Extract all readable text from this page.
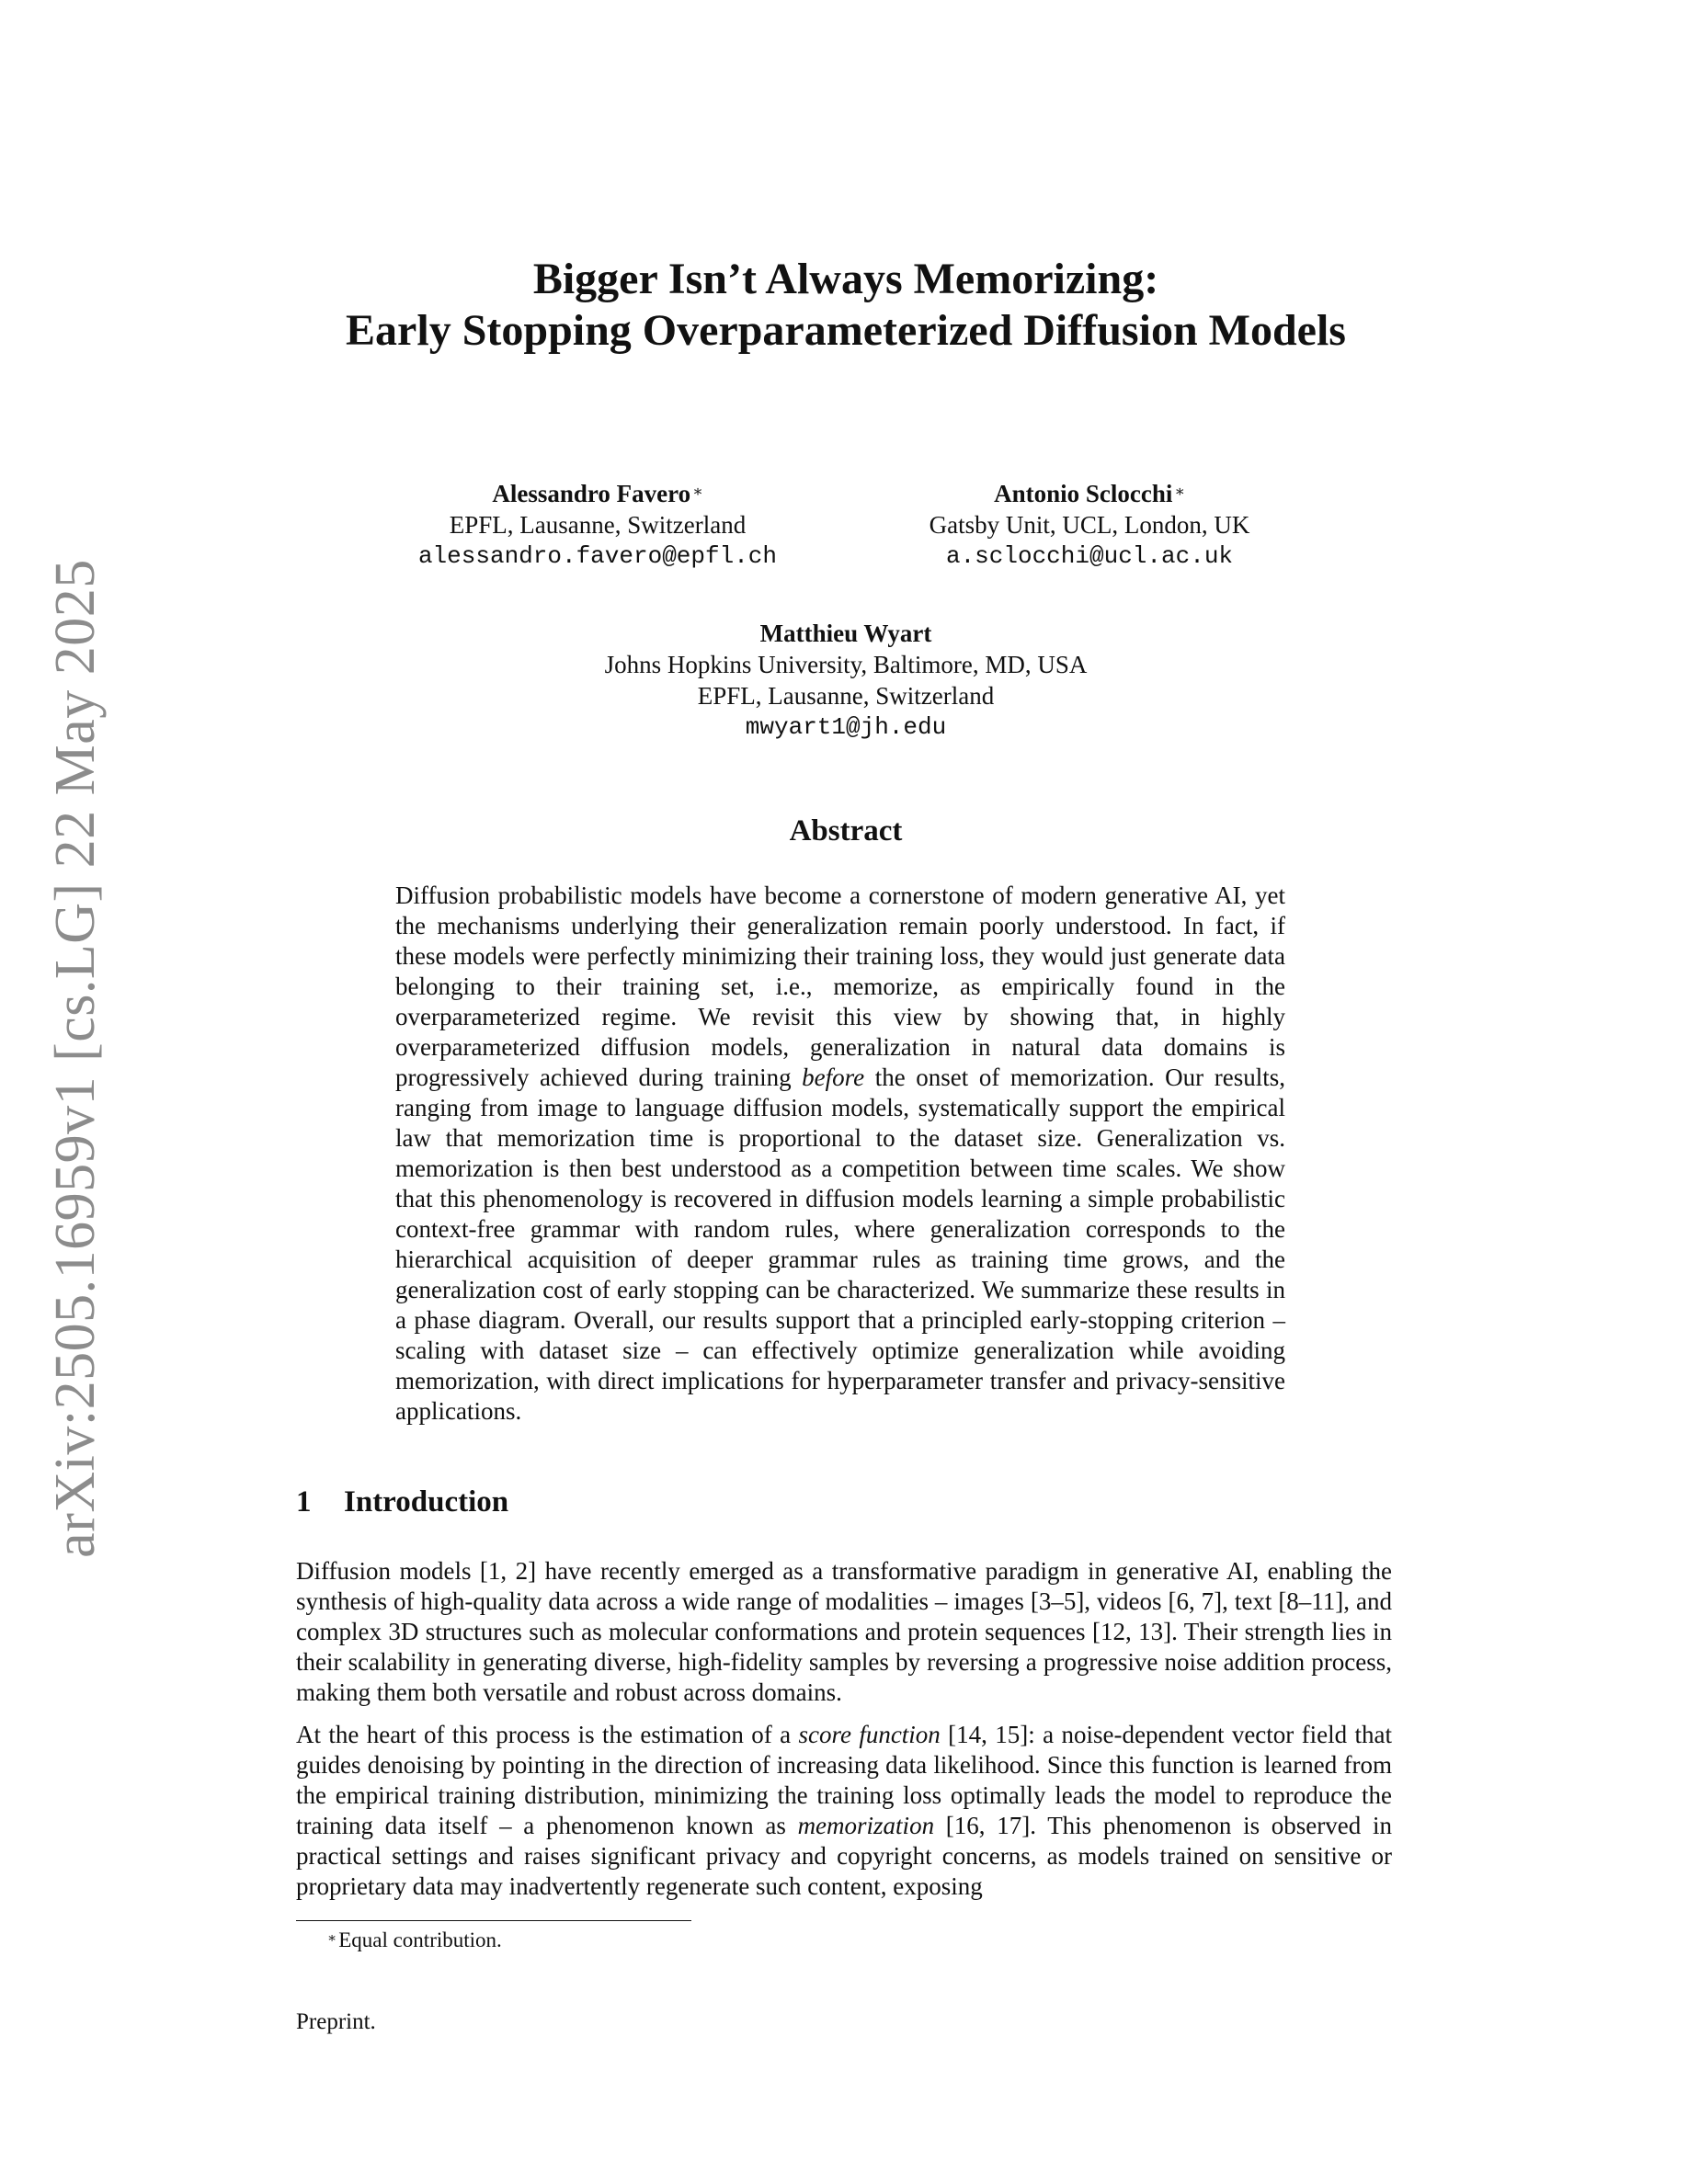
arXiv:2505.16959v1 [cs.LG] 22 May 2025
Bigger Isn’t Always Memorizing:
Early Stopping Overparameterized Diffusion Models
Alessandro Favero ∗
EPFL, Lausanne, Switzerland
alessandro.favero@epfl.ch
Antonio Sclocchi ∗
Gatsby Unit, UCL, London, UK
a.sclocchi@ucl.ac.uk
Matthieu Wyart
Johns Hopkins University, Baltimore, MD, USA
EPFL, Lausanne, Switzerland
mwyart1@jh.edu
Abstract
Diffusion probabilistic models have become a cornerstone of modern generative AI, yet the mechanisms underlying their generalization remain poorly understood. In fact, if these models were perfectly minimizing their training loss, they would just generate data belonging to their training set, i.e., memorize, as empirically found in the overparameterized regime. We revisit this view by showing that, in highly overparameterized diffusion models, generalization in natural data domains is progressively achieved during training before the onset of memorization. Our results, ranging from image to language diffusion models, systematically support the empirical law that memorization time is proportional to the dataset size. Generalization vs. memorization is then best understood as a competition between time scales. We show that this phenomenology is recovered in diffusion models learning a simple probabilistic context-free grammar with random rules, where generalization corresponds to the hierarchical acquisition of deeper grammar rules as training time grows, and the generalization cost of early stopping can be characterized. We summarize these results in a phase diagram. Overall, our results support that a principled early-stopping criterion – scaling with dataset size – can effectively optimize generalization while avoiding memorization, with direct implications for hyperparameter transfer and privacy-sensitive applications.
1 Introduction
Diffusion models [1, 2] have recently emerged as a transformative paradigm in generative AI, enabling the synthesis of high-quality data across a wide range of modalities – images [3–5], videos [6, 7], text [8–11], and complex 3D structures such as molecular conformations and protein sequences [12, 13]. Their strength lies in their scalability in generating diverse, high-fidelity samples by reversing a progressive noise addition process, making them both versatile and robust across domains.
At the heart of this process is the estimation of a score function [14, 15]: a noise-dependent vector field that guides denoising by pointing in the direction of increasing data likelihood. Since this function is learned from the empirical training distribution, minimizing the training loss optimally leads the model to reproduce the training data itself – a phenomenon known as memorization [16, 17]. This phenomenon is observed in practical settings and raises significant privacy and copyright concerns, as models trained on sensitive or proprietary data may inadvertently regenerate such content, exposing
∗Equal contribution.
Preprint.
